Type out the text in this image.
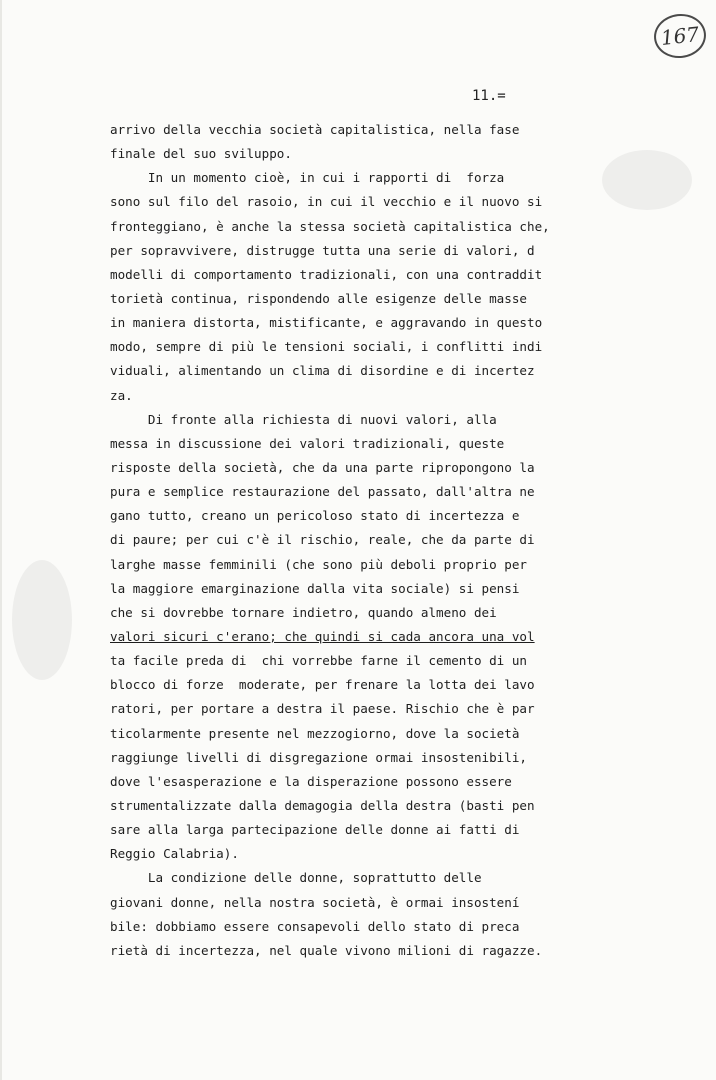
167
11.=
arrivo della vecchia società capitalistica, nella fase
finale del suo sviluppo.
In un momento cioè, in cui i rapporti di  forza
sono sul filo del rasoio, in cui il vecchio e il nuovo si
fronteggiano, è anche la stessa società capitalistica che,
per sopravvivere, distrugge tutta una serie di valori, d
modelli di comportamento tradizionali, con una contraddit
torietà continua, rispondendo alle esigenze delle masse
in maniera distorta, mistificante, e aggravando in questo
modo, sempre di più le tensioni sociali, i conflitti indi
viduali, alimentando un clima di disordine e di incertez
za.
Di fronte alla richiesta di nuovi valori, alla
messa in discussione dei valori tradizionali, queste
risposte della società, che da una parte ripropongono la
pura e semplice restaurazione del passato, dall'altra ne
gano tutto, creano un pericoloso stato di incertezza e
di paure; per cui c'è il rischio, reale, che da parte di
larghe masse femminili (che sono più deboli proprio per
la maggiore emarginazione dalla vita sociale) si pensi
che si dovrebbe tornare indietro, quando almeno dei
valori sicuri c'erano; che quindi si cada ancora una vol
ta facile preda di  chi vorrebbe farne il cemento di un
blocco di forze  moderate, per frenare la lotta dei lavo
ratori, per portare a destra il paese. Rischio che è par
ticolarmente presente nel mezzogiorno, dove la società
raggiunge livelli di disgregazione ormai insostenibili,
dove l'esasperazione e la disperazione possono essere
strumentalizzate dalla demagogia della destra (basti pen
sare alla larga partecipazione delle donne ai fatti di
Reggio Calabria).
La condizione delle donne, soprattutto delle
giovani donne, nella nostra società, è ormai insostení
bile: dobbiamo essere consapevoli dello stato di preca
rietà di incertezza, nel quale vivono milioni di ragazze.
